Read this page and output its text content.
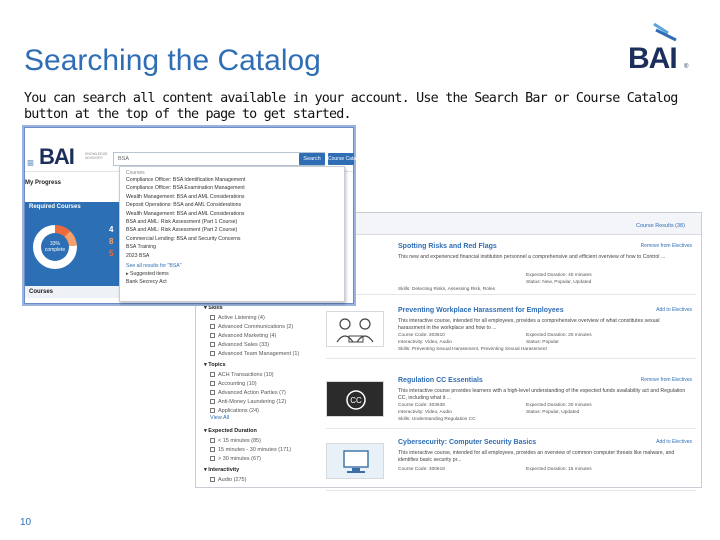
Searching the Catalog	BAI ®
You can search all content available in your account. Use the Search Bar or Course Catalog button at the top of the page to get started.
10
Course Results (38)
▾ Skills
Active Listening (4)
Advanced Communications (2)
Advanced Marketing (4)
Advanced Sales (33)
Advanced Team Management (1)
▾ Topics
ACH Transactions (10)
Accounting (10)
Advanced Action Parties (7)
Anti-Money Laundering (12)
Applications (24)
View All
▾ Expected Duration
< 15 minutes (85)
15 minutes - 30 minutes (171)
> 30 minutes (67)
▾ Interactivity
Audio (275)
Spotting Risks and Red Flags	Remove from Electives
This new and experienced financial institution personnel a comprehensive and efficient overview of how to Control ...
Expected Duration: 40 minutes
Status: New, Popular, Updated
Skills: Detecting Risks, Assessing Risk, Roles
Preventing Workplace Harassment for Employees	Add to Electives
This interactive course, intended for all employees, provides a comprehensive overview of what constitutes sexual harassment in the workplace and how to ...
Course Code: 303610	Expected Duration: 20 minutes
Interactivity: Video, Audio	Status: Popular
Skills: Preventing Sexual Harassment, Preventing Sexual Harassment
CC
Regulation CC Essentials	Remove from Electives
This interactive course provides learners with a high-level understanding of the expected funds availability act and Regulation CC, including what it ...
Course Code: 303638	Expected Duration: 20 minutes
Interactivity: Video, Audio	Status: Popular, Updated
Skills: Understanding Regulation CC
Cybersecurity: Computer Security Basics	Add to Electives
This interactive course, intended for all employees, provides an overview of common computer threats like malware, and identifies basic security pr...
Course Code: 300618	Expected Duration: 15 minutes
≡ BAI	KNOWLEDGE ADVISORY	BSA	Search	Course Catalog
My Progress
Required Courses
33%
complete
4
8
5
Courses
Courses
Compliance Officer: BSA Identification Management
Compliance Officer: BSA Examination Management
Wealth Management: BSA and AML Considerations
Deposit Operations: BSA and AML Considerations
Wealth Management: BSA and AML Considerations
BSA and AML: Risk Assessment (Part 1 Course)
BSA and AML: Risk Assessment (Part 2 Course)
Commercial Lending: BSA and Security Concerns
BSA Training
2023 BSA
See all results for "BSA"
▸ Suggested items
Bank Secrecy Act
